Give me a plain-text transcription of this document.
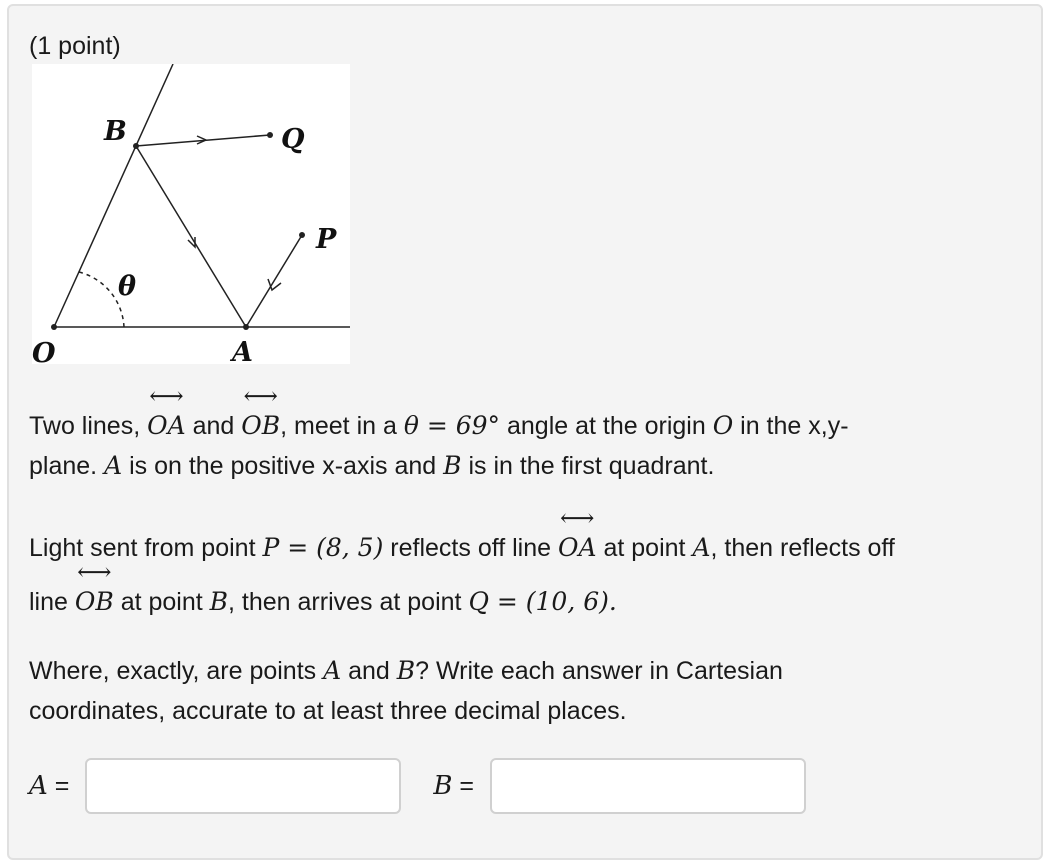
(1 point)
O	A
B	Q
P
θ

Two lines, ⟷ OA and ⟷ OB, meet in a θ = 69° angle at the origin O in the x,y-
plane. A is on the positive x-axis and B is in the first quadrant.

Light sent from point P = (8, 5) reflects off line ⟷ OA at point A, then reflects off

line ⟷ OB at point B, then arrives at point Q = (10, 6).

Where, exactly, are points A and B? Write each answer in Cartesian
coordinates, accurate to at least three decimal places.

A =	B =
